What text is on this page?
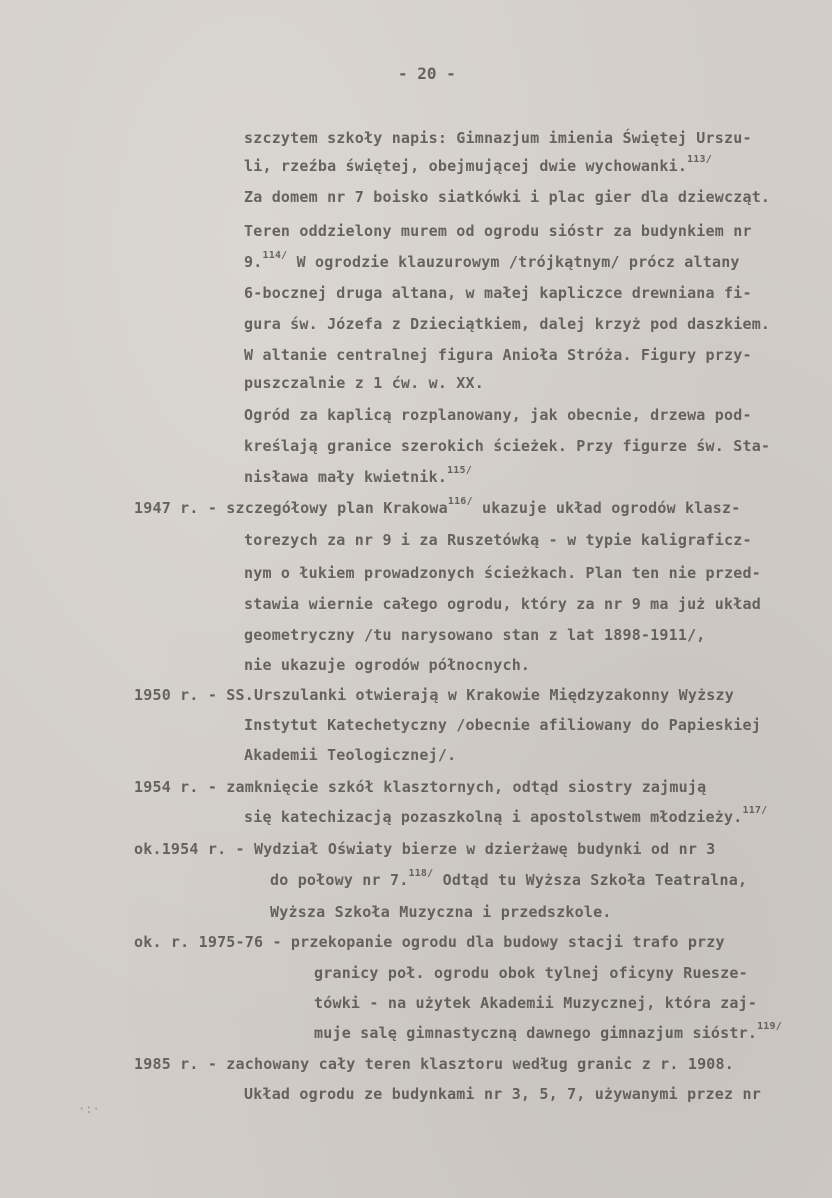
- 20 -
szczytem szkoły napis: Gimnazjum imienia Świętej Urszu-
li, rzeźba świętej, obejmującej dwie wychowanki.$^{113/}$
Za domem nr 7 boisko siatkówki i plac gier dla dziewcząt.
Teren oddzielony murem od ogrodu sióstr za budynkiem nr
9.$^{114/}$ W ogrodzie klauzurowym /trójkątnym/ prócz altany
6-bocznej druga altana, w małej kapliczce drewniana fi-
gura św. Józefa z Dzieciątkiem, dalej krzyż pod daszkiem.
W altanie centralnej figura Anioła Stróża. Figury przy-
puszczalnie z 1 ćw. w. XX.
Ogród za kaplicą rozplanowany, jak obecnie, drzewa pod-
kreślają granice szerokich ścieżek. Przy figurze św. Sta-
nisława mały kwietnik.$^{115/}$
1947 r. - szczegółowy plan Krakowa$^{116/}$ ukazuje układ ogrodów klasz-
torezych za nr 9 i za Ruszetówką - w typie kaligraficz-
nym o łukiem prowadzonych ścieżkach. Plan ten nie przed-
stawia wiernie całego ogrodu, który za nr 9 ma już układ
geometryczny /tu narysowano stan z lat 1898-1911/,
nie ukazuje ogrodów północnych.
1950 r. - SS.Urszulanki otwierają w Krakowie Międzyzakonny Wyższy
Instytut Katechetyczny /obecnie afiliowany do Papieskiej
Akademii Teologicznej/.
1954 r. - zamknięcie szkół klasztornych, odtąd siostry zajmują
się katechizacją pozaszkolną i apostolstwem młodzieży.$^{117/}$
ok.1954 r. - Wydział Oświaty bierze w dzierżawę budynki od nr 3
do połowy nr 7.$^{118/}$ Odtąd tu Wyższa Szkoła Teatralna,
Wyższa Szkoła Muzyczna i przedszkole.
ok. r. 1975-76 - przekopanie ogrodu dla budowy stacji trafo przy
granicy poł. ogrodu obok tylnej oficyny Ruesze-
tówki - na użytek Akademii Muzycznej, która zaj-
muje salę gimnastyczną dawnego gimnazjum sióstr.$^{119/}$
1985 r. - zachowany cały teren klasztoru według granic z r. 1908.
Układ ogrodu ze budynkami nr 3, 5, 7, używanymi przez nr
·:·
